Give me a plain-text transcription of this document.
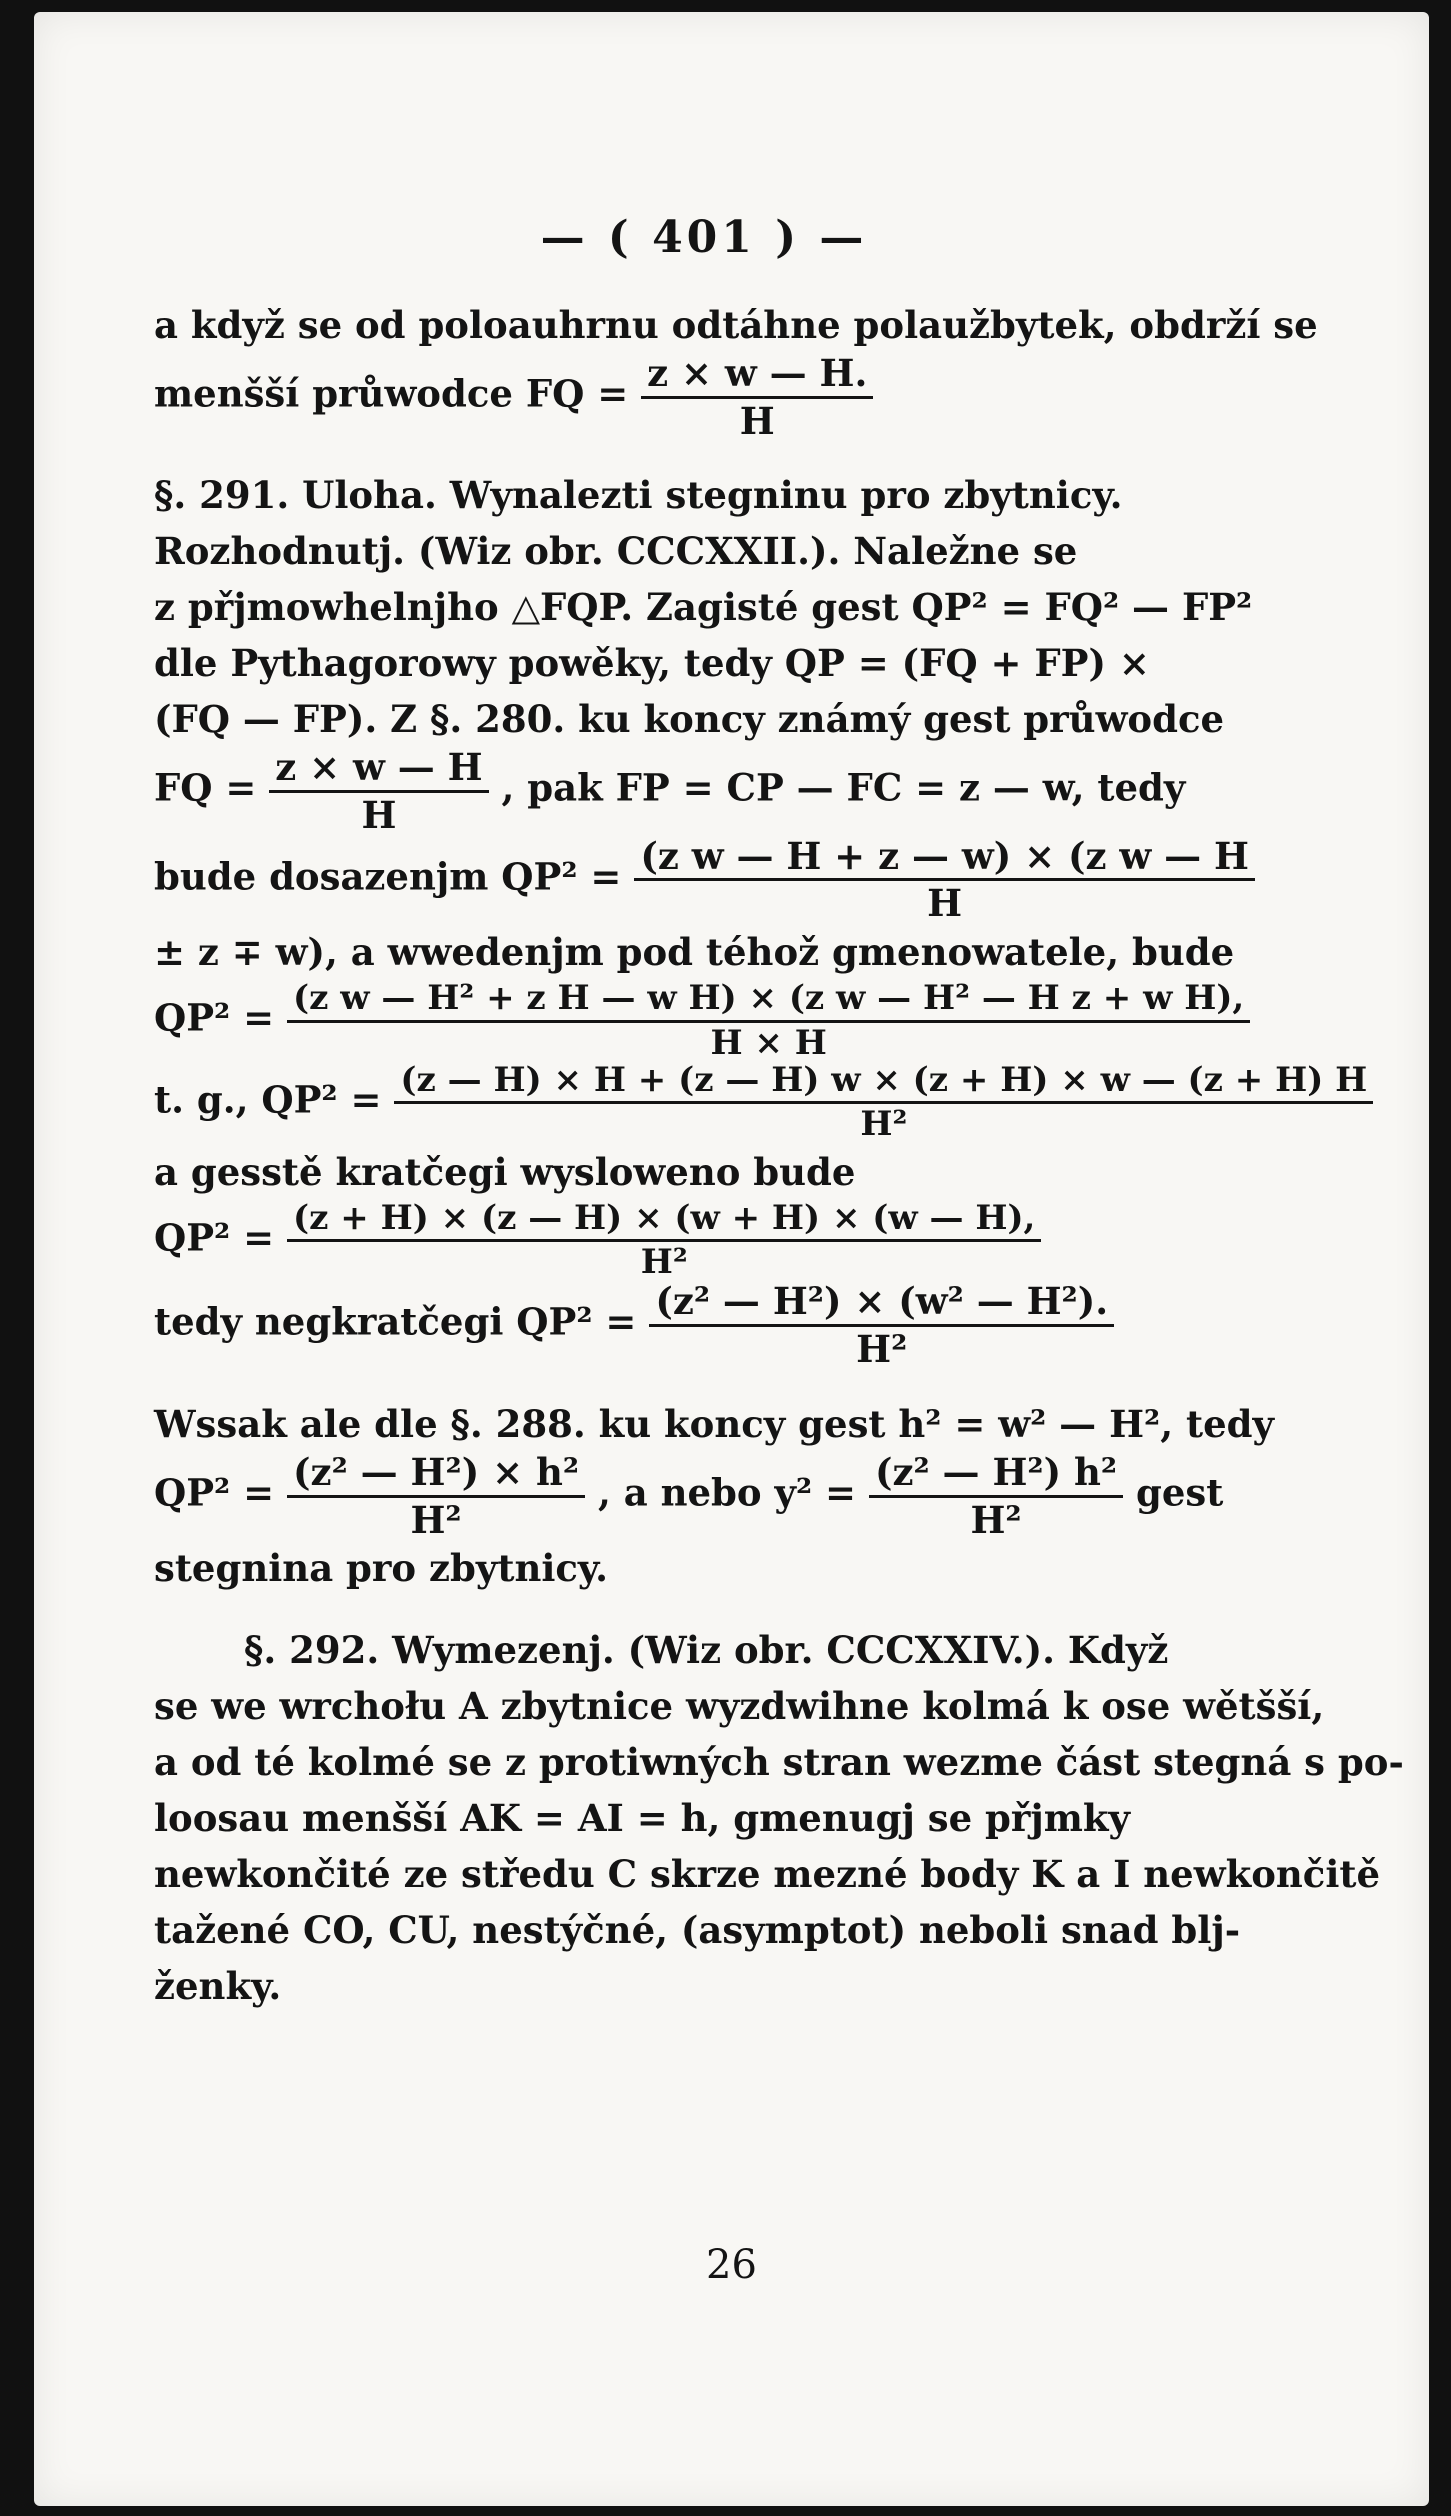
— ( 401 ) —
a když se od poloauhrnu odtáhne polaužbytek, obdrží se
menšší průwodce FQ = $\frac{z \times w — H.}{H}$
§. 291. Uloha. Wynalezti stegninu pro zbytnicy.
Rozhodnutj. (Wiz obr. CCCXXII.). Naležne se
z přjmowhelnjho △FQP. Zagisté gest QP² = FQ² — FP²
dle Pythagorowy powěky, tedy QP = (FQ + FP) ×
(FQ — FP). Z §. 280. ku koncy známý gest průwodce
FQ = $\frac{z \times w — H}{H}$ , pak FP = CP — FC = z — w, tedy
bude dosazenjm $QP^2 = \frac{\text{(z w — H + z — w) × (z w — H}}{H}$
± z ∓ w), a wwedenjm pod téhož gmenowatele, bude
$QP^2 = \frac{\text{(z w — H² + z H — w H) × (z w — H² — H z + w H),}}{H \times H}$
t. g., $QP^2 = \frac{(z — H) \times H + (z — H) w \times (z + H) \times w — (z + H) H}{\text{H²}}$
a gesstě kratčegi wyslowenо bude
$QP^2 = \frac{(z + H) \times (z — H) \times (w + H) \times (w — H),}{\text{H²}}$
tedy negkratčegi $QP^2 = \frac{\text{(z² — H²) × (w² — H²).}}{\text{H²}}$
Wssak ale dle §. 288. ku koncy gest h² = w² — H², tedy
$QP^2 = \frac{\text{(z² — H²) × h²}}{\text{H²}}$ , a nebo $y^2 = \frac{\text{(z² — H²) h²}}{\text{H²}}$ gest
stegnina pro zbytnicy.
§. 292. Wymezenj. (Wiz obr. CCCXXIV.). Když
se we wrchołu A zbytnice wyzdwihne kolmá k ose wětšší,
a od té kolmé se z protiwných stran wezme část stegná s po-
loosau menšší AK = AI = h, gmenugj se přjmky
newkončité ze středu C skrze mezné body K a I newkončitě
tažené CO, CU, nestýčné, (asymptot) neboli snad blj-
ženky.
26
